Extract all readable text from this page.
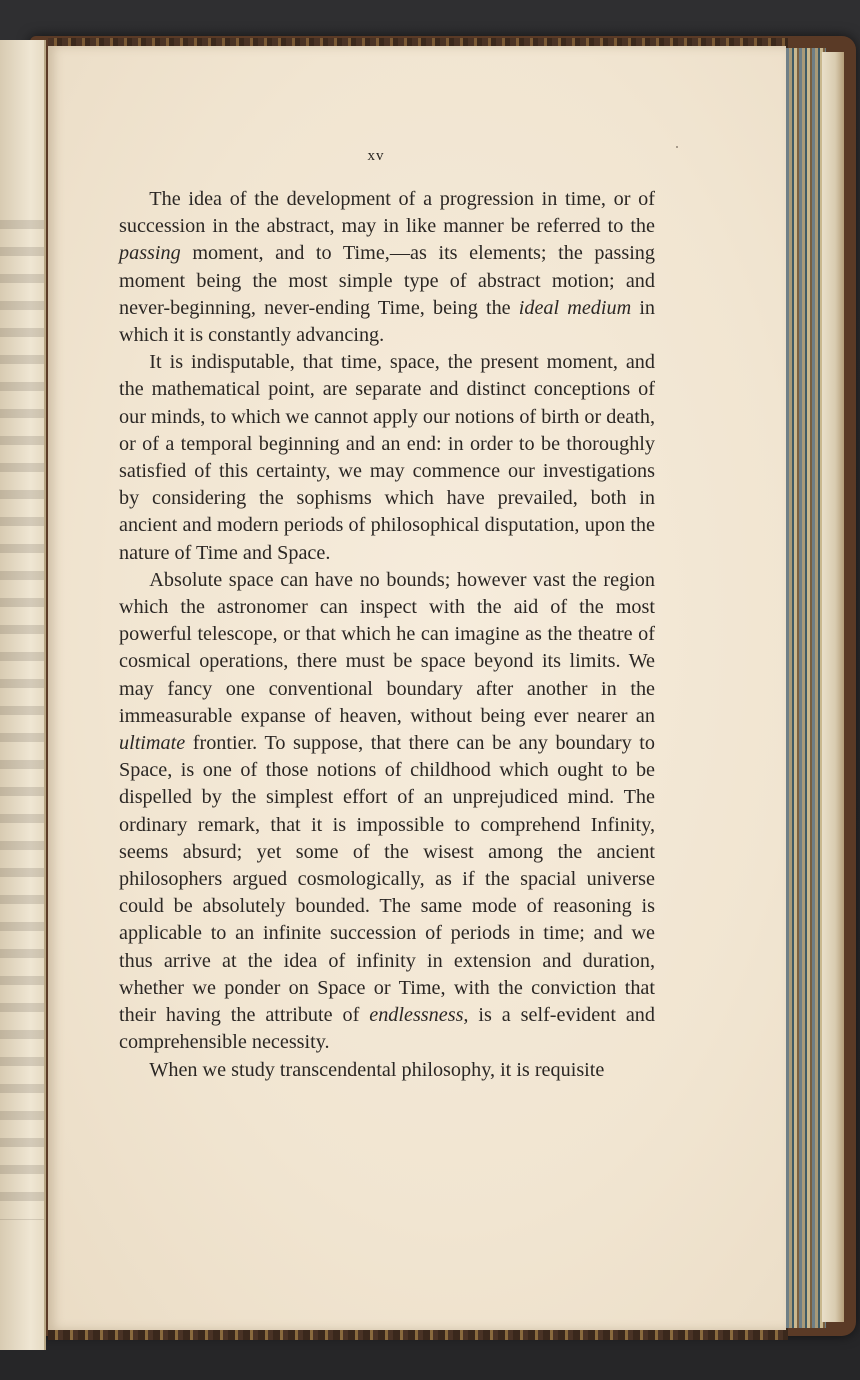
xv

The idea of the development of a progression in time, or of succession in the abstract, may in like manner be referred to the passing moment, and to Time,—as its elements; the passing moment being the most simple type of abstract motion; and never-beginning, never-ending Time, being the ideal medium in which it is constantly advancing.

It is indisputable, that time, space, the present moment, and the mathematical point, are separate and distinct conceptions of our minds, to which we cannot apply our notions of birth or death, or of a temporal beginning and an end: in order to be thoroughly satisfied of this certainty, we may commence our investigations by considering the sophisms which have prevailed, both in ancient and modern periods of philosophical disputation, upon the nature of Time and Space.

Absolute space can have no bounds; however vast the region which the astronomer can inspect with the aid of the most powerful telescope, or that which he can imagine as the theatre of cosmical operations, there must be space beyond its limits. We may fancy one conventional boundary after another in the immeasurable expanse of heaven, without being ever nearer an ultimate frontier. To suppose, that there can be any boundary to Space, is one of those notions of childhood which ought to be dispelled by the simplest effort of an unprejudiced mind. The ordinary remark, that it is impossible to comprehend Infinity, seems absurd; yet some of the wisest among the ancient philosophers argued cosmologically, as if the spacial universe could be absolutely bounded. The same mode of reasoning is applicable to an infinite succession of periods in time; and we thus arrive at the idea of infinity in extension and duration, whether we ponder on Space or Time, with the conviction that their having the attribute of endlessness, is a self-evident and comprehensible necessity.

When we study transcendental philosophy, it is requisite
